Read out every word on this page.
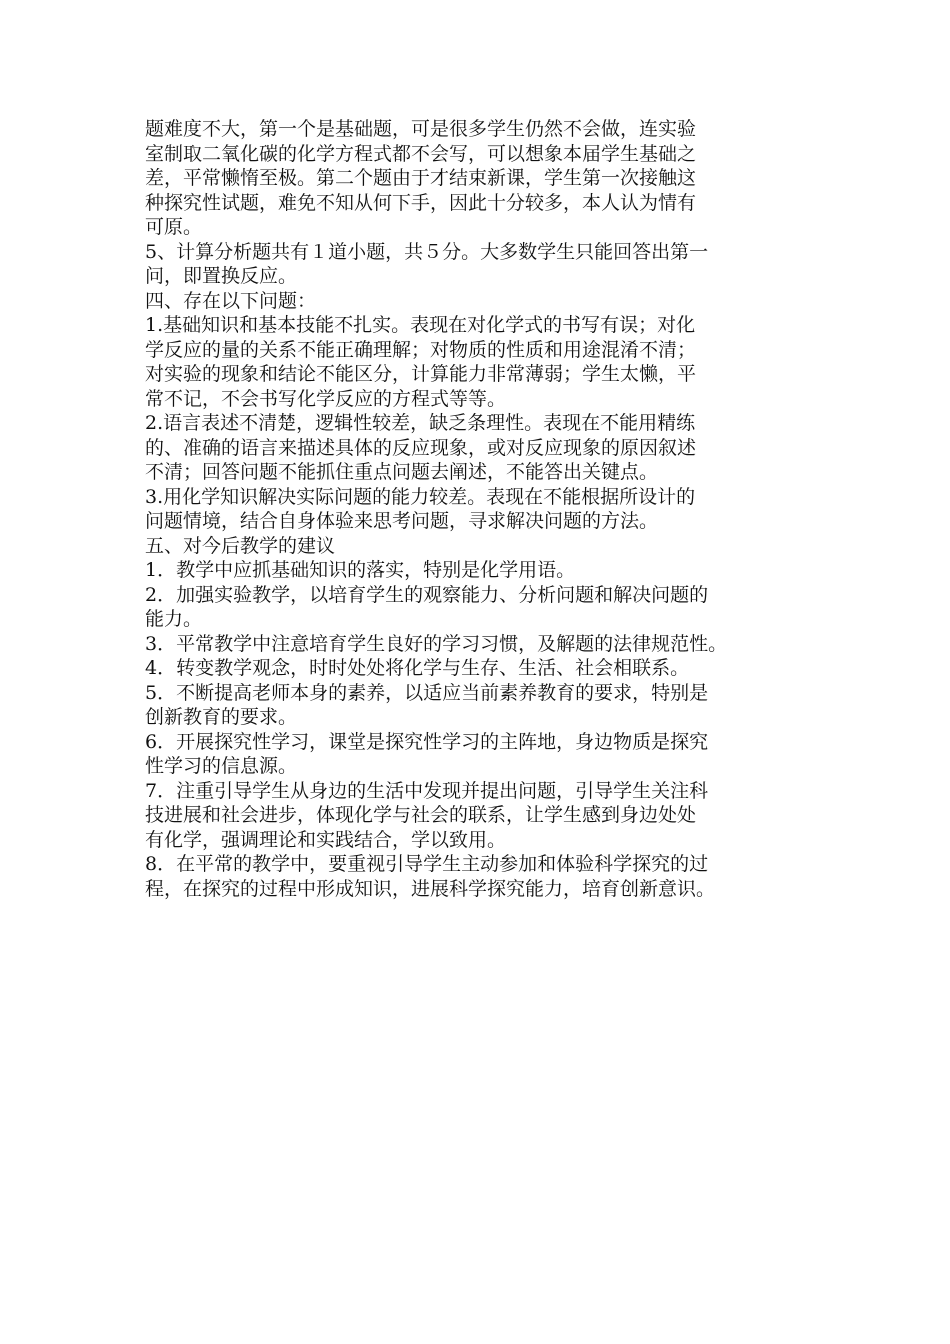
题难度不大，第一个是基础题，可是很多学生仍然不会做，连实验

室制取二氧化碳的化学方程式都不会写，可以想象本届学生基础之

差，平常懒惰至极。第二个题由于才结束新课，学生第一次接触这

种探究性试题，难免不知从何下手，因此十分较多，本人认为情有

可原。

5、计算分析题共有１道小题，共５分。大多数学生只能回答出第一

问，即置换反应。

四、存在以下问题：

1.基础知识和基本技能不扎实。表现在对化学式的书写有误；对化

学反应的量的关系不能正确理解；对物质的性质和用途混淆不清；

对实验的现象和结论不能区分，计算能力非常薄弱；学生太懒，平

常不记，不会书写化学反应的方程式等等。

2.语言表述不清楚，逻辑性较差，缺乏条理性。表现在不能用精练

的、准确的语言来描述具体的反应现象，或对反应现象的原因叙述

不清；回答问题不能抓住重点问题去阐述，不能答出关键点。

3.用化学知识解决实际问题的能力较差。表现在不能根据所设计的

问题情境，结合自身体验来思考问题，寻求解决问题的方法。

五、对今后教学的建议

1．教学中应抓基础知识的落实，特别是化学用语。

2．加强实验教学，以培育学生的观察能力、分析问题和解决问题的

能力。

3．平常教学中注意培育学生良好的学习习惯，及解题的法律规范性。

4．转变教学观念，时时处处将化学与生存、生活、社会相联系。

5．不断提高老师本身的素养，以适应当前素养教育的要求，特别是

创新教育的要求。

6．开展探究性学习，课堂是探究性学习的主阵地，身边物质是探究

性学习的信息源。

7．注重引导学生从身边的生活中发现并提出问题，引导学生关注科

技进展和社会进步，体现化学与社会的联系，让学生感到身边处处

有化学，强调理论和实践结合，学以致用。

8．在平常的教学中，要重视引导学生主动参加和体验科学探究的过

程，在探究的过程中形成知识，进展科学探究能力，培育创新意识。
